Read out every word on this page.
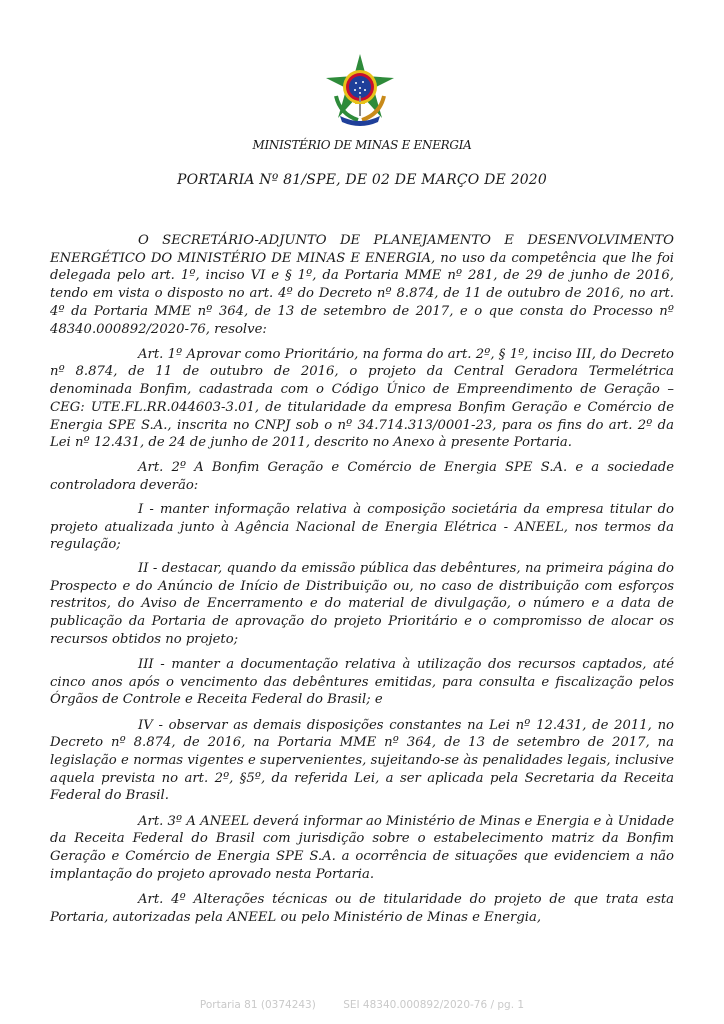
MINISTÉRIO DE MINAS E ENERGIA
PORTARIA Nº 81/SPE, DE 02 DE MARÇO DE 2020

O SECRETÁRIO-ADJUNTO DE PLANEJAMENTO E DESENVOLVIMENTO ENERGÉTICO DO MINISTÉRIO DE MINAS E ENERGIA, no uso da competência que lhe foi delegada pelo art. 1º, inciso VI e § 1º, da Portaria MME nº 281, de 29 de junho de 2016, tendo em vista o disposto no art. 4º do Decreto nº 8.874, de 11 de outubro de 2016, no art. 4º da Portaria MME nº 364, de 13 de setembro de 2017, e o que consta do Processo nº 48340.000892/2020-76, resolve:

Art. 1º Aprovar como Prioritário, na forma do art. 2º, § 1º, inciso III, do Decreto nº 8.874, de 11 de outubro de 2016, o projeto da Central Geradora Termelétrica denominada Bonfim, cadastrada com o Código Único de Empreendimento de Geração – CEG: UTE.FL.RR.044603-3.01, de titularidade da empresa Bonfim Geração e Comércio de Energia SPE S.A., inscrita no CNPJ sob o nº 34.714.313/0001-23, para os fins do art. 2º da Lei nº 12.431, de 24 de junho de 2011, descrito no Anexo à presente Portaria.

Art. 2º A Bonfim Geração e Comércio de Energia SPE S.A. e a sociedade controladora deverão:

I - manter informação relativa à composição societária da empresa titular do projeto atualizada junto à Agência Nacional de Energia Elétrica - ANEEL, nos termos da regulação;

II - destacar, quando da emissão pública das debêntures, na primeira página do Prospecto e do Anúncio de Início de Distribuição ou, no caso de distribuição com esforços restritos, do Aviso de Encerramento e do material de divulgação, o número e a data de publicação da Portaria de aprovação do projeto Prioritário e o compromisso de alocar os recursos obtidos no projeto;

III - manter a documentação relativa à utilização dos recursos captados, até cinco anos após o vencimento das debêntures emitidas, para consulta e fiscalização pelos Órgãos de Controle e Receita Federal do Brasil; e

IV - observar as demais disposições constantes na Lei nº 12.431, de 2011, no Decreto nº 8.874, de 2016, na Portaria MME nº 364, de 13 de setembro de 2017, na legislação e normas vigentes e supervenientes, sujeitando-se às penalidades legais, inclusive aquela prevista no art. 2º, §5º, da referida Lei, a ser aplicada pela Secretaria da Receita Federal do Brasil.

Art. 3º A ANEEL deverá informar ao Ministério de Minas e Energia e à Unidade da Receita Federal do Brasil com jurisdição sobre o estabelecimento matriz da Bonfim Geração e Comércio de Energia SPE S.A. a ocorrência de situações que evidenciem a não implantação do projeto aprovado nesta Portaria.

Art. 4º Alterações técnicas ou de titularidade do projeto de que trata esta Portaria, autorizadas pela ANEEL ou pelo Ministério de Minas e Energia,

Portaria 81 (0374243)	SEI 48340.000892/2020-76 / pg. 1
